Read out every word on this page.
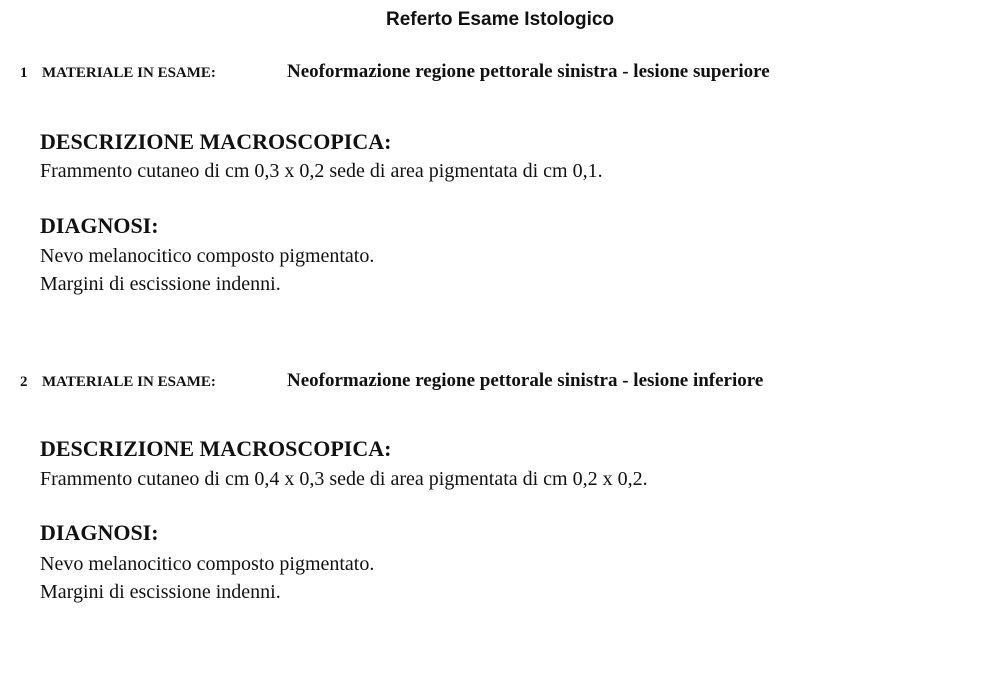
Referto Esame Istologico
1 MATERIALE IN ESAME:	Neoformazione regione pettorale sinistra - lesione superiore
DESCRIZIONE MACROSCOPICA:
Frammento cutaneo di cm 0,3 x 0,2 sede di area pigmentata di cm 0,1.
DIAGNOSI:
Nevo melanocitico composto pigmentato.
Margini di escissione indenni.
2 MATERIALE IN ESAME:	Neoformazione regione pettorale sinistra - lesione inferiore
DESCRIZIONE MACROSCOPICA:
Frammento cutaneo di cm 0,4 x 0,3 sede di area pigmentata di cm 0,2 x 0,2.
DIAGNOSI:
Nevo melanocitico composto pigmentato.
Margini di escissione indenni.
